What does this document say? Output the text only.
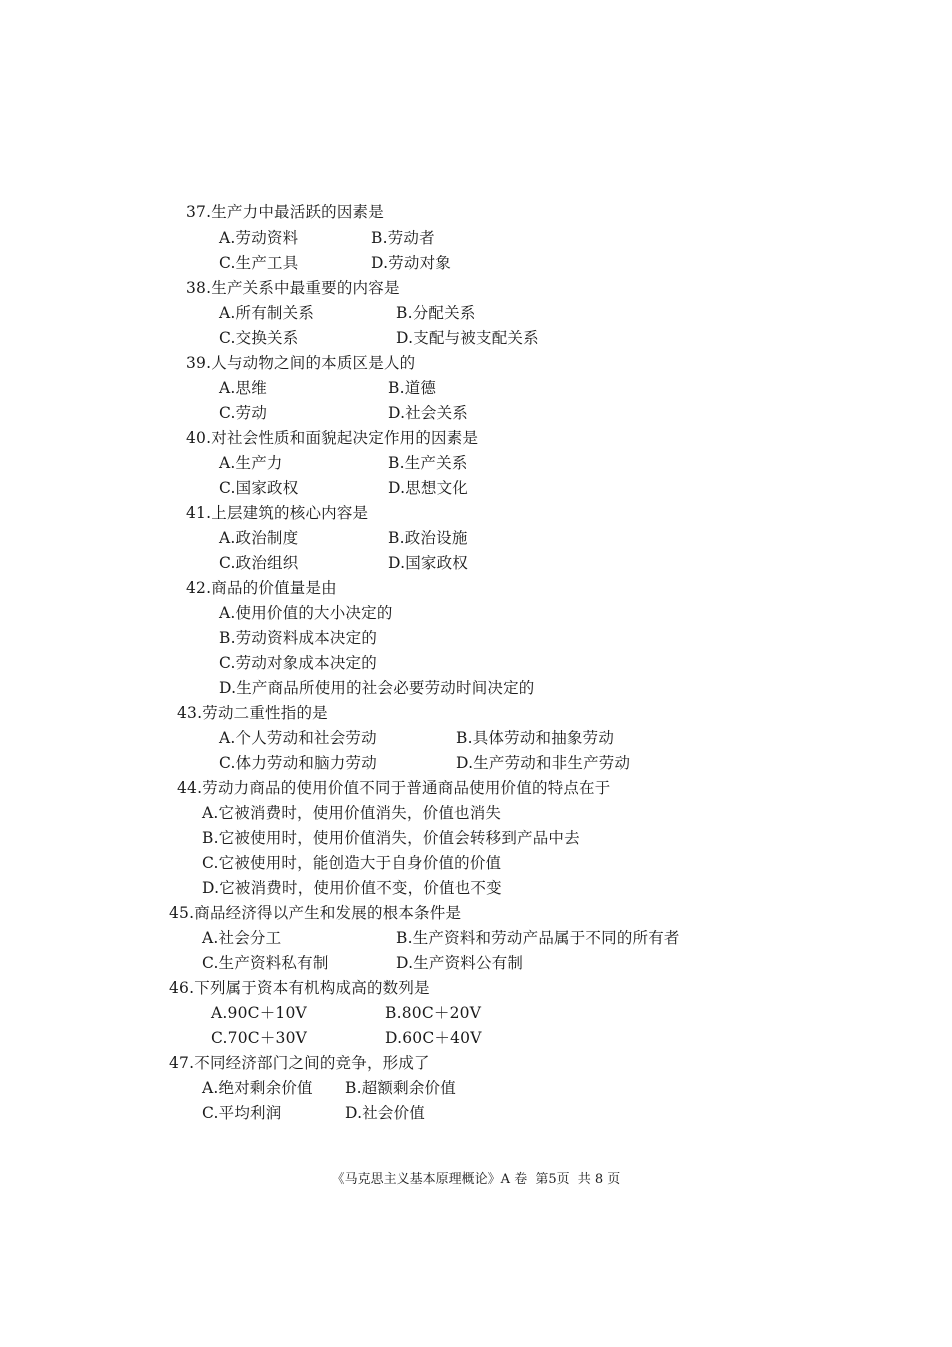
37.生产力中最活跃的因素是
A.劳动资料	B.劳动者
C.生产工具	D.劳动对象
38.生产关系中最重要的内容是
A.所有制关系	B.分配关系
C.交换关系	D.支配与被支配关系
39.人与动物之间的本质区是人的
A.思维	B.道德
C.劳动	D.社会关系
40.对社会性质和面貌起决定作用的因素是
A.生产力	B.生产关系
C.国家政权	D.思想文化
41.上层建筑的核心内容是
A.政治制度	B.政治设施
C.政治组织	D.国家政权
42.商品的价值量是由
A.使用价值的大小决定的
B.劳动资料成本决定的
C.劳动对象成本决定的
D.生产商品所使用的社会必要劳动时间决定的
43.劳动二重性指的是
A.个人劳动和社会劳动	B.具体劳动和抽象劳动
C.体力劳动和脑力劳动	D.生产劳动和非生产劳动
44.劳动力商品的使用价值不同于普通商品使用价值的特点在于
A.它被消费时，使用价值消失，价值也消失
B.它被使用时，使用价值消失，价值会转移到产品中去
C.它被使用时，能创造大于自身价值的价值
D.它被消费时，使用价值不变，价值也不变
45.商品经济得以产生和发展的根本条件是
A.社会分工	B.生产资料和劳动产品属于不同的所有者
C.生产资料私有制	D.生产资料公有制
46.下列属于资本有机构成高的数列是
A.90C＋10V	B.80C＋20V
C.70C＋30V	D.60C＋40V
47.不同经济部门之间的竞争，形成了
A.绝对剩余价值 B.超额剩余价值
C.平均利润	D.社会价值
《马克思主义基本原理概论》A 卷 第5页 共 8 页
